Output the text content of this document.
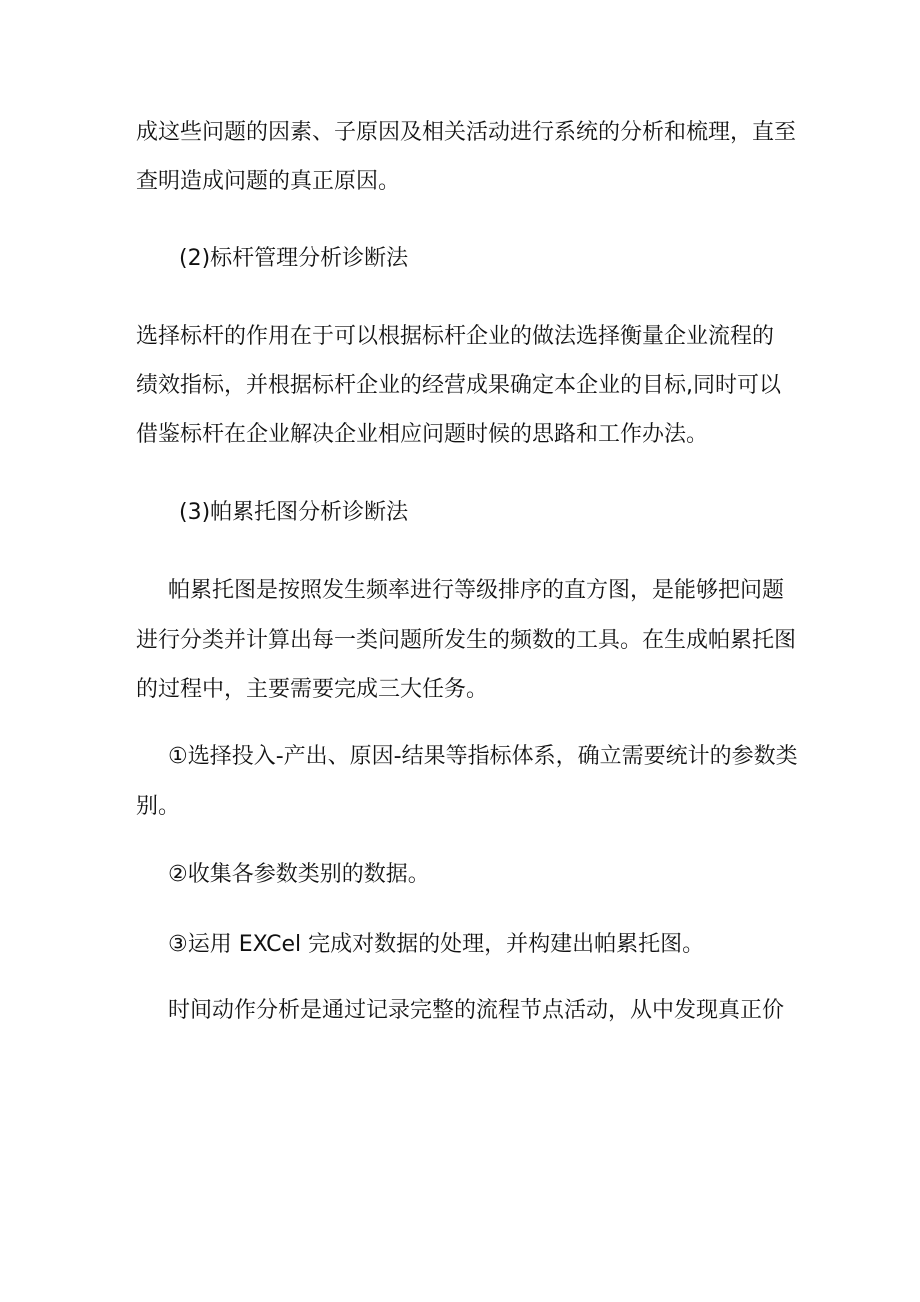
成这些问题的因素、子原因及相关活动进行系统的分析和梳理，直至
查明造成问题的真正原因。
(2)标杆管理分析诊断法
选择标杆的作用在于可以根据标杆企业的做法选择衡量企业流程的
绩效指标，并根据标杆企业的经营成果确定本企业的目标,同时可以
借鉴标杆在企业解决企业相应问题时候的思路和工作办法。
(3)帕累托图分析诊断法
帕累托图是按照发生频率进行等级排序的直方图，是能够把问题
进行分类并计算出每一类问题所发生的频数的工具。在生成帕累托图
的过程中，主要需要完成三大任务。
①选择投入-产出、原因-结果等指标体系，确立需要统计的参数类
别。
②收集各参数类别的数据。
③运用 EXCel 完成对数据的处理，并构建出帕累托图。
时间动作分析是通过记录完整的流程节点活动，从中发现真正价
